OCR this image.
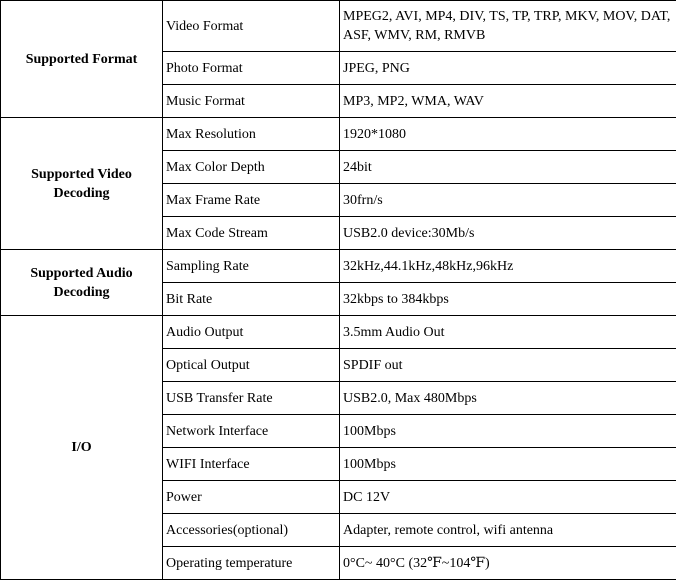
Supported Format	Video Format	MPEG2, AVI, MP4, DIV, TS, TP, TRP, MKV, MOV, DAT, ASF, WMV, RM, RMVB
	Photo Format	JPEG, PNG
	Music Format	MP3, MP2, WMA, WAV
Supported Video Decoding	Max Resolution	1920*1080
	Max Color Depth	24bit
	Max Frame Rate	30frn/s
	Max Code Stream	USB2.0 device:30Mb/s
Supported Audio Decoding	Sampling Rate	32kHz,44.1kHz,48kHz,96kHz
	Bit Rate	32kbps to 384kbps
I/O	Audio Output	3.5mm Audio Out
	Optical Output	SPDIF out
	USB Transfer Rate	USB2.0, Max 480Mbps
	Network Interface	100Mbps
	WIFI Interface	100Mbps
	Power	DC 12V
	Accessories(optional)	Adapter, remote control, wifi antenna
	Operating temperature	0°C~ 40°C (32℉~104℉)
